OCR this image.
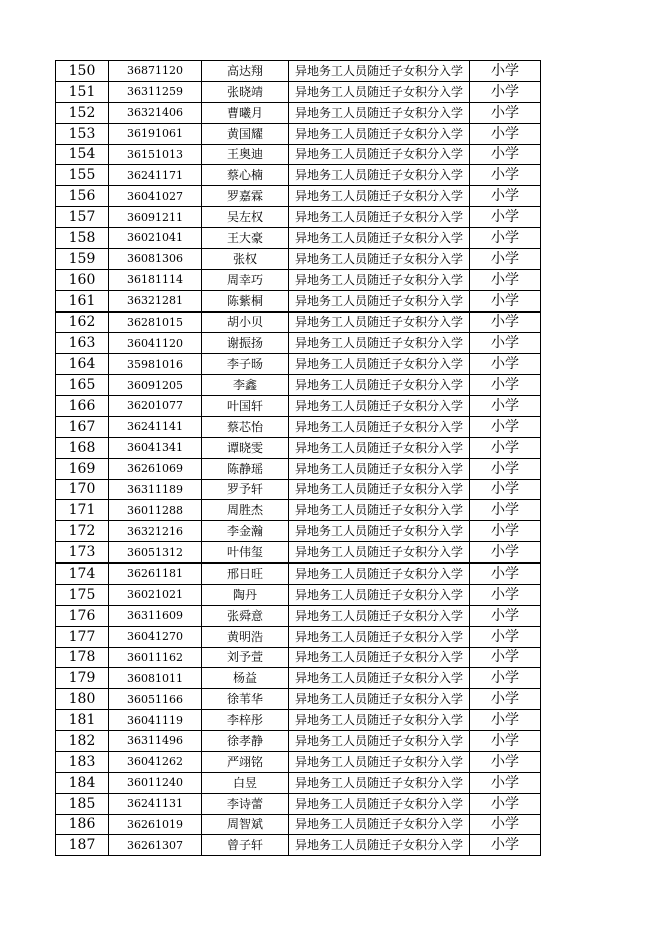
150	36871120	高达翔	异地务工人员随迁子女积分入学	小学
151	36311259	张晓靖	异地务工人员随迁子女积分入学	小学
152	36321406	曹曦月	异地务工人员随迁子女积分入学	小学
153	36191061	黄国耀	异地务工人员随迁子女积分入学	小学
154	36151013	王奥迪	异地务工人员随迁子女积分入学	小学
155	36241171	蔡心楠	异地务工人员随迁子女积分入学	小学
156	36041027	罗嘉霖	异地务工人员随迁子女积分入学	小学
157	36091211	吴左权	异地务工人员随迁子女积分入学	小学
158	36021041	王大豪	异地务工人员随迁子女积分入学	小学
159	36081306	张权	异地务工人员随迁子女积分入学	小学
160	36181114	周幸巧	异地务工人员随迁子女积分入学	小学
161	36321281	陈紫桐	异地务工人员随迁子女积分入学	小学
162	36281015	胡小贝	异地务工人员随迁子女积分入学	小学
163	36041120	谢振扬	异地务工人员随迁子女积分入学	小学
164	35981016	李子旸	异地务工人员随迁子女积分入学	小学
165	36091205	李鑫	异地务工人员随迁子女积分入学	小学
166	36201077	叶国轩	异地务工人员随迁子女积分入学	小学
167	36241141	蔡芯怡	异地务工人员随迁子女积分入学	小学
168	36041341	谭晓雯	异地务工人员随迁子女积分入学	小学
169	36261069	陈静瑶	异地务工人员随迁子女积分入学	小学
170	36311189	罗予轩	异地务工人员随迁子女积分入学	小学
171	36011288	周胜杰	异地务工人员随迁子女积分入学	小学
172	36321216	李金瀚	异地务工人员随迁子女积分入学	小学
173	36051312	叶伟玺	异地务工人员随迁子女积分入学	小学
174	36261181	邢日旺	异地务工人员随迁子女积分入学	小学
175	36021021	陶丹	异地务工人员随迁子女积分入学	小学
176	36311609	张舜意	异地务工人员随迁子女积分入学	小学
177	36041270	黄明浩	异地务工人员随迁子女积分入学	小学
178	36011162	刘予萱	异地务工人员随迁子女积分入学	小学
179	36081011	杨益	异地务工人员随迁子女积分入学	小学
180	36051166	徐苇华	异地务工人员随迁子女积分入学	小学
181	36041119	李梓彤	异地务工人员随迁子女积分入学	小学
182	36311496	徐孝静	异地务工人员随迁子女积分入学	小学
183	36041262	严翊铭	异地务工人员随迁子女积分入学	小学
184	36011240	白昱	异地务工人员随迁子女积分入学	小学
185	36241131	李诗蕾	异地务工人员随迁子女积分入学	小学
186	36261019	周智斌	异地务工人员随迁子女积分入学	小学
187	36261307	曾子轩	异地务工人员随迁子女积分入学	小学
